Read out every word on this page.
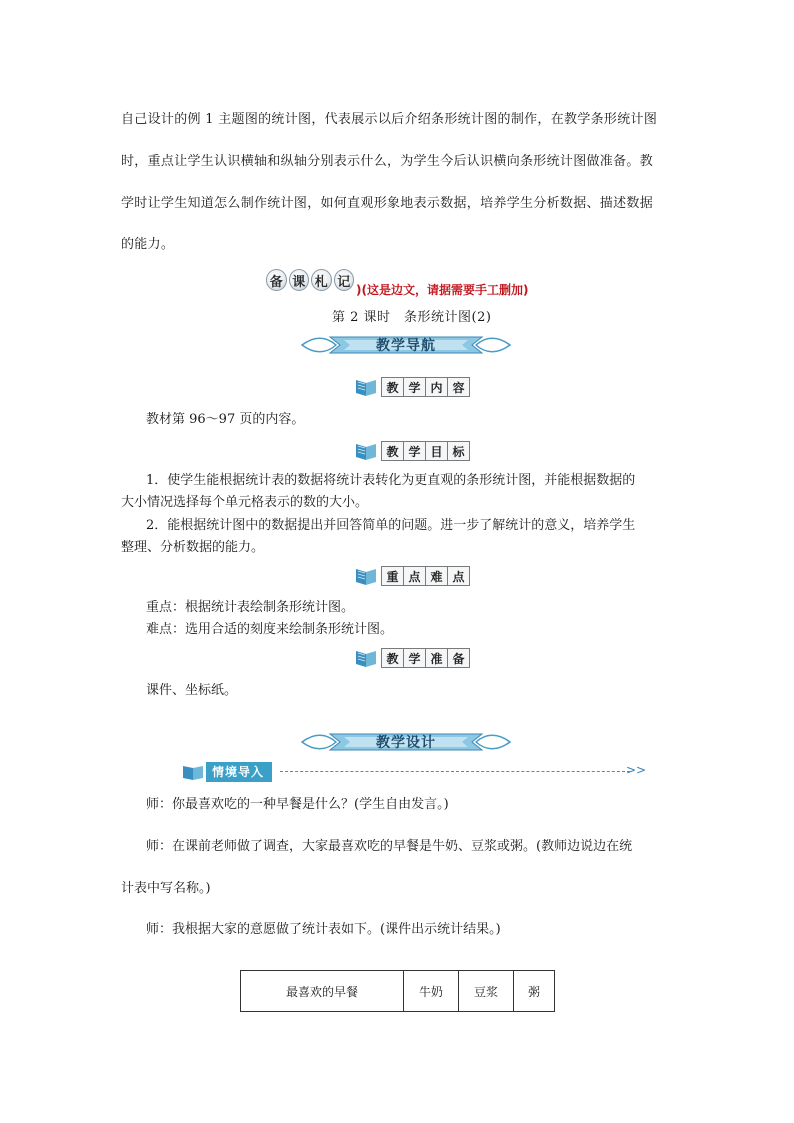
自己设计的例 1 主题图的统计图，代表展示以后介绍条形统计图的制作，在教学条形统计图
时，重点让学生认识横轴和纵轴分别表示什么，为学生今后认识横向条形统计图做准备。教
学时让学生知道怎么制作统计图，如何直观形象地表示数据，培养学生分析数据、描述数据
的能力。
备 课 札 记
)(这是边文，请据需要手工删加)
第 2 课时　条形统计图(2)
教学导航
教 学 内 容
教材第 96～97 页的内容。
教 学 目 标
1．使学生能根据统计表的数据将统计表转化为更直观的条形统计图，并能根据数据的
大小情况选择每个单元格表示的数的大小。
2．能根据统计图中的数据提出并回答简单的问题。进一步了解统计的意义，培养学生
整理、分析数据的能力。
重 点 难 点
重点：根据统计表绘制条形统计图。
难点：选用合适的刻度来绘制条形统计图。
教 学 准 备
课件、坐标纸。
教学设计
情境导入	>>
师：你最喜欢吃的一种早餐是什么？(学生自由发言。)
师：在课前老师做了调查，大家最喜欢吃的早餐是牛奶、豆浆或粥。(教师边说边在统
计表中写名称。)
师：我根据大家的意愿做了统计表如下。(课件出示统计结果。)
最喜欢的早餐	牛奶	豆浆	粥
